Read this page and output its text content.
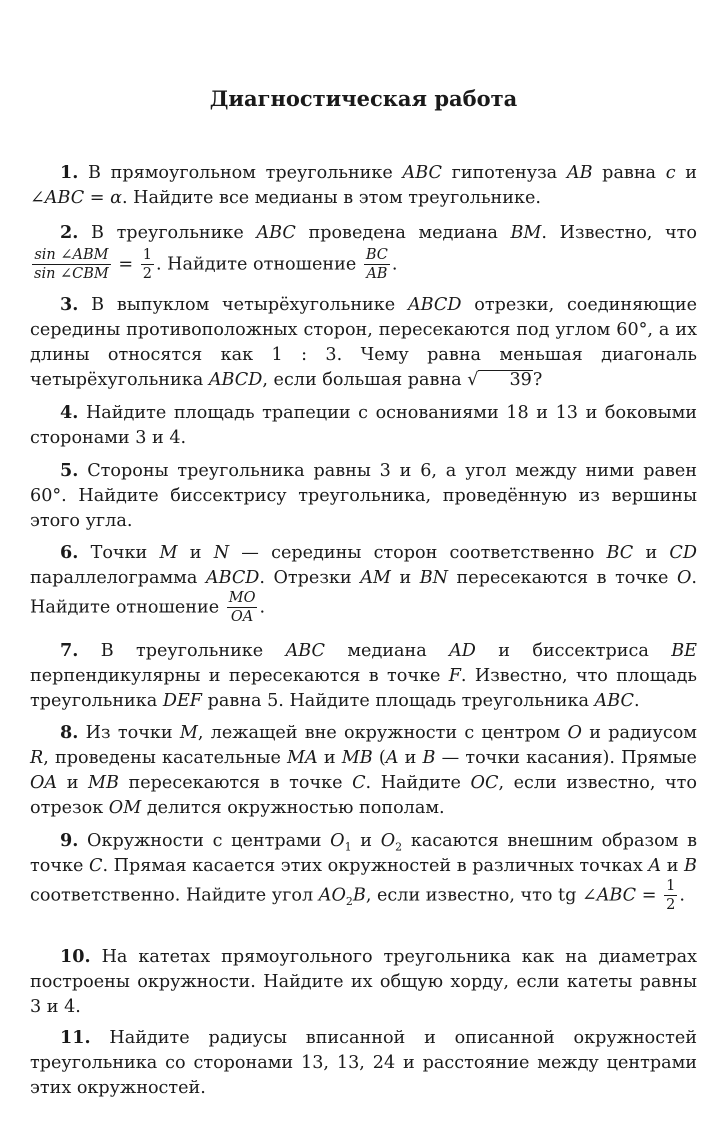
Диагностическая работа
1. В прямоугольном треугольнике ABC гипотенуза AB равна c и ∠ABC = α. Найдите все медианы в этом треугольнике.
2. В треугольнике ABC проведена медиана BM. Известно, что
$\frac{\text{sin ∠ABM}}{\text{sin ∠CBM}} = \frac{1}{2}$ . Найдите отношение $\frac{BC}{AB}$ .
3. В выпуклом четырёхугольнике ABCD отрезки, соединяющие середины противоположных сторон, пересекаются под углом 60°, а их длины относятся как 1 : 3. Чему равна меньшая диагональ четырёхугольника ABCD, если большая равна √ 39?
4. Найдите площадь трапеции с основаниями 18 и 13 и боковыми сторонами 3 и 4.
5. Стороны треугольника равны 3 и 6, а угол между ними равен 60°. Найдите биссектрису треугольника, проведённую из вершины этого угла.
6. Точки M и N — середины сторон соответственно BC и CD параллелограмма ABCD. Отрезки AM и BN пересекаются в точке O. Найдите отношение $\frac{MO}{OA}$ .
7. В треугольнике ABC медиана AD и биссектриса BE перпендикулярны и пересекаются в точке F. Известно, что площадь треугольника DEF равна 5. Найдите площадь треугольника ABC.
8. Из точки M, лежащей вне окружности с центром O и радиусом R, проведены касательные MA и MB (A и B — точки касания). Прямые OA и MB пересекаются в точке C. Найдите OC, если известно, что отрезок OM делится окружностью пополам.
9. Окружности с центрами $O_1$ и $O_2$ касаются внешним образом в точке C. Прямая касается этих окружностей в различных точках A и B соответственно. Найдите угол $AO_2B$, если известно, что tg ∠ABC = $\frac{1}{2}$ .
10. На катетах прямоугольного треугольника как на диаметрах построены окружности. Найдите их общую хорду, если катеты равны 3 и 4.
11. Найдите радиусы вписанной и описанной окружностей треугольника со сторонами 13, 13, 24 и расстояние между центрами этих окружностей.
